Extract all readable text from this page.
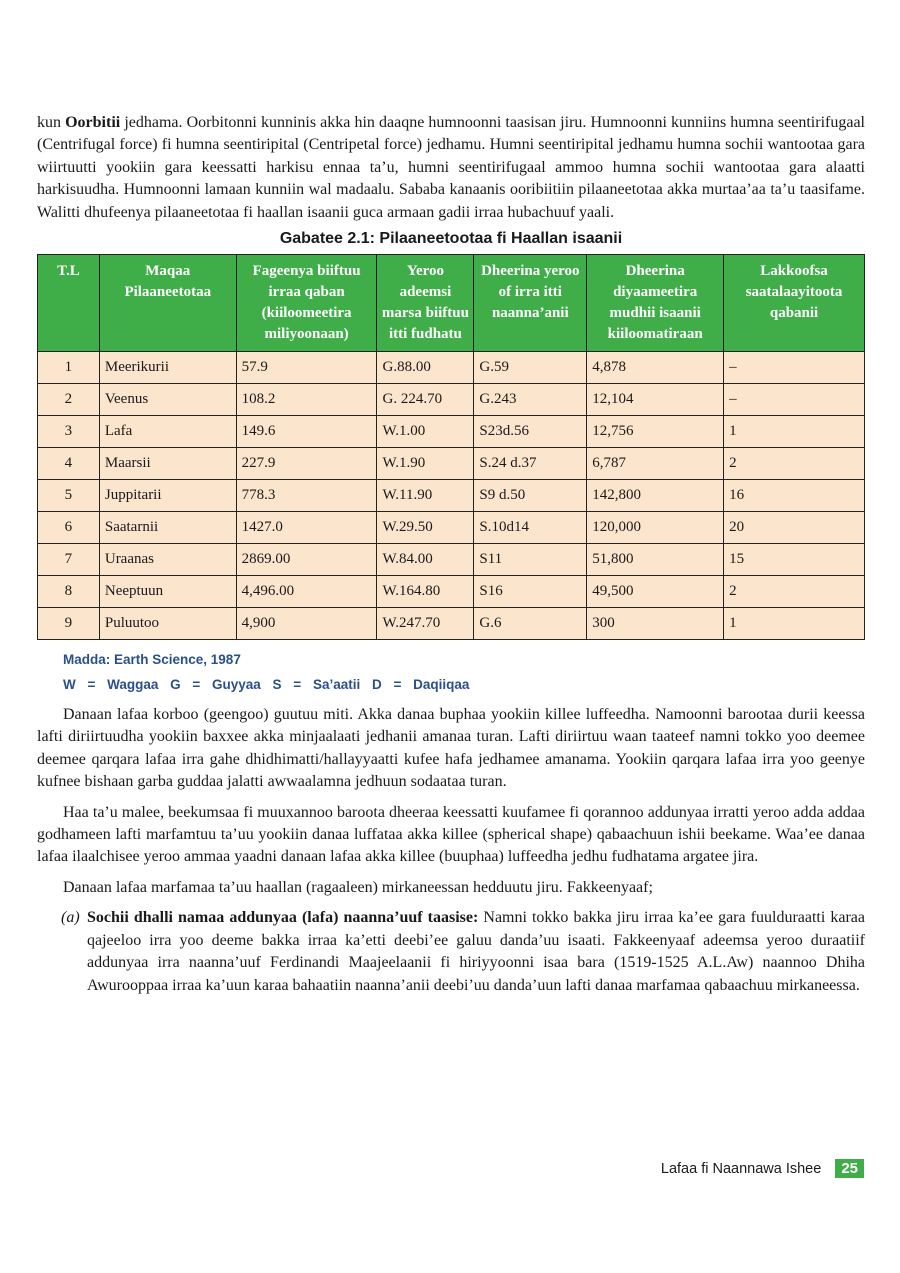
kun Oorbitii jedhama. Oorbitonni kunninis akka hin daaqne humnoonni taasisan jiru. Humnoonni kunniins humna seentirifugaal (Centrifugal force) fi humna seentiripital (Centripetal force) jedhamu. Humni seentiripital jedhamu humna sochii wantootaa gara wiirtuutti yookiin gara keessatti harkisu ennaa ta’u, humni seentirifugaal ammoo humna sochii wantootaa gara alaatti harkisuudha. Humnoonni lamaan kunniin wal madaalu. Sababa kanaanis ooribiitiin pilaaneetotaa akka murtaa’aa ta’u taasifame. Walitti dhufeenya pilaaneetotaa fi haallan isaanii guca armaan gadii irraa hubachuuf yaali.

Gabatee 2.1: Pilaaneetootaa fi Haallan isaanii
T.L	Maqaa Pilaaneetotaa	Fageenya biiftuu irraa qaban (kiiloomeetira miliyoonaan)	Yeroo adeemsi marsa biiftuu itti fudhatu	Dheerina yeroo of irra itti naanna’anii	Dheerina diyaameetira mudhii isaanii kiiloomatiraan	Lakkoofsa saatalaayitoota qabanii
1	Meerikurii	57.9	G.88.00	G.59	4,878	–
2	Veenus	108.2	G. 224.70	G.243	12,104	–
3	Lafa	149.6	W.1.00	S23d.56	12,756	1
4	Maarsii	227.9	W.1.90	S.24 d.37	6,787	2
5	Juppitarii	778.3	W.11.90	S9 d.50	142,800	16
6	Saatarnii	1427.0	W.29.50	S.10d14	120,000	20
7	Uraanas	2869.00	W.84.00	S11	51,800	15
8	Neeptuun	4,496.00	W.164.80	S16	49,500	2
9	Puluutoo	4,900	W.247.70	G.6	300	1
Madda: Earth Science, 1987
W = Waggaa G = Guyyaa S = Sa’aatii D = Daqiiqaa

Danaan lafaa korboo (geengoo) guutuu miti. Akka danaa buphaa yookiin killee luffeedha. Namoonni barootaa durii keessa lafti diriirtuudha yookiin baxxee akka minjaalaati jedhanii amanaa turan. Lafti diriirtuu waan taateef namni tokko yoo deemee deemee qarqara lafaa irra gahe dhidhimatti/hallayyaatti kufee hafa jedhamee amanama. Yookiin qarqara lafaa irra yoo geenye kufnee bishaan garba guddaa jalatti awwaalamna jedhuun sodaataa turan.

Haa ta’u malee, beekumsaa fi muuxannoo baroota dheeraa keessatti kuufamee fi qorannoo addunyaa irratti yeroo adda addaa godhameen lafti marfamtuu ta’uu yookiin danaa luffataa akka killee (spherical shape) qabaachuun ishii beekame. Waa’ee danaa lafaa ilaalchisee yeroo ammaa yaadni danaan lafaa akka killee (buuphaa) luffeedha jedhu fudhatama argatee jira.

Danaan lafaa marfamaa ta’uu haallan (ragaaleen) mirkaneessan hedduutu jiru. Fakkeenyaaf;

(a) Sochii dhalli namaa addunyaa (lafa) naanna’uuf taasise: Namni tokko bakka jiru irraa ka’ee gara fuulduraatti karaa qajeeloo irra yoo deeme bakka irraa ka’etti deebi’ee galuu danda’uu isaati. Fakkeenyaaf adeemsa yeroo duraatiif addunyaa irra naanna’uuf Ferdinandi Maajeelaanii fi hiriyyoonni isaa bara (1519-1525 A.L.Aw) naannoo Dhiha Awurooppaa irraa ka’uun karaa bahaatiin naanna’anii deebi’uu danda’uun lafti danaa marfamaa qabaachuu mirkaneessa.

Lafaa fi Naannawa Ishee	25
